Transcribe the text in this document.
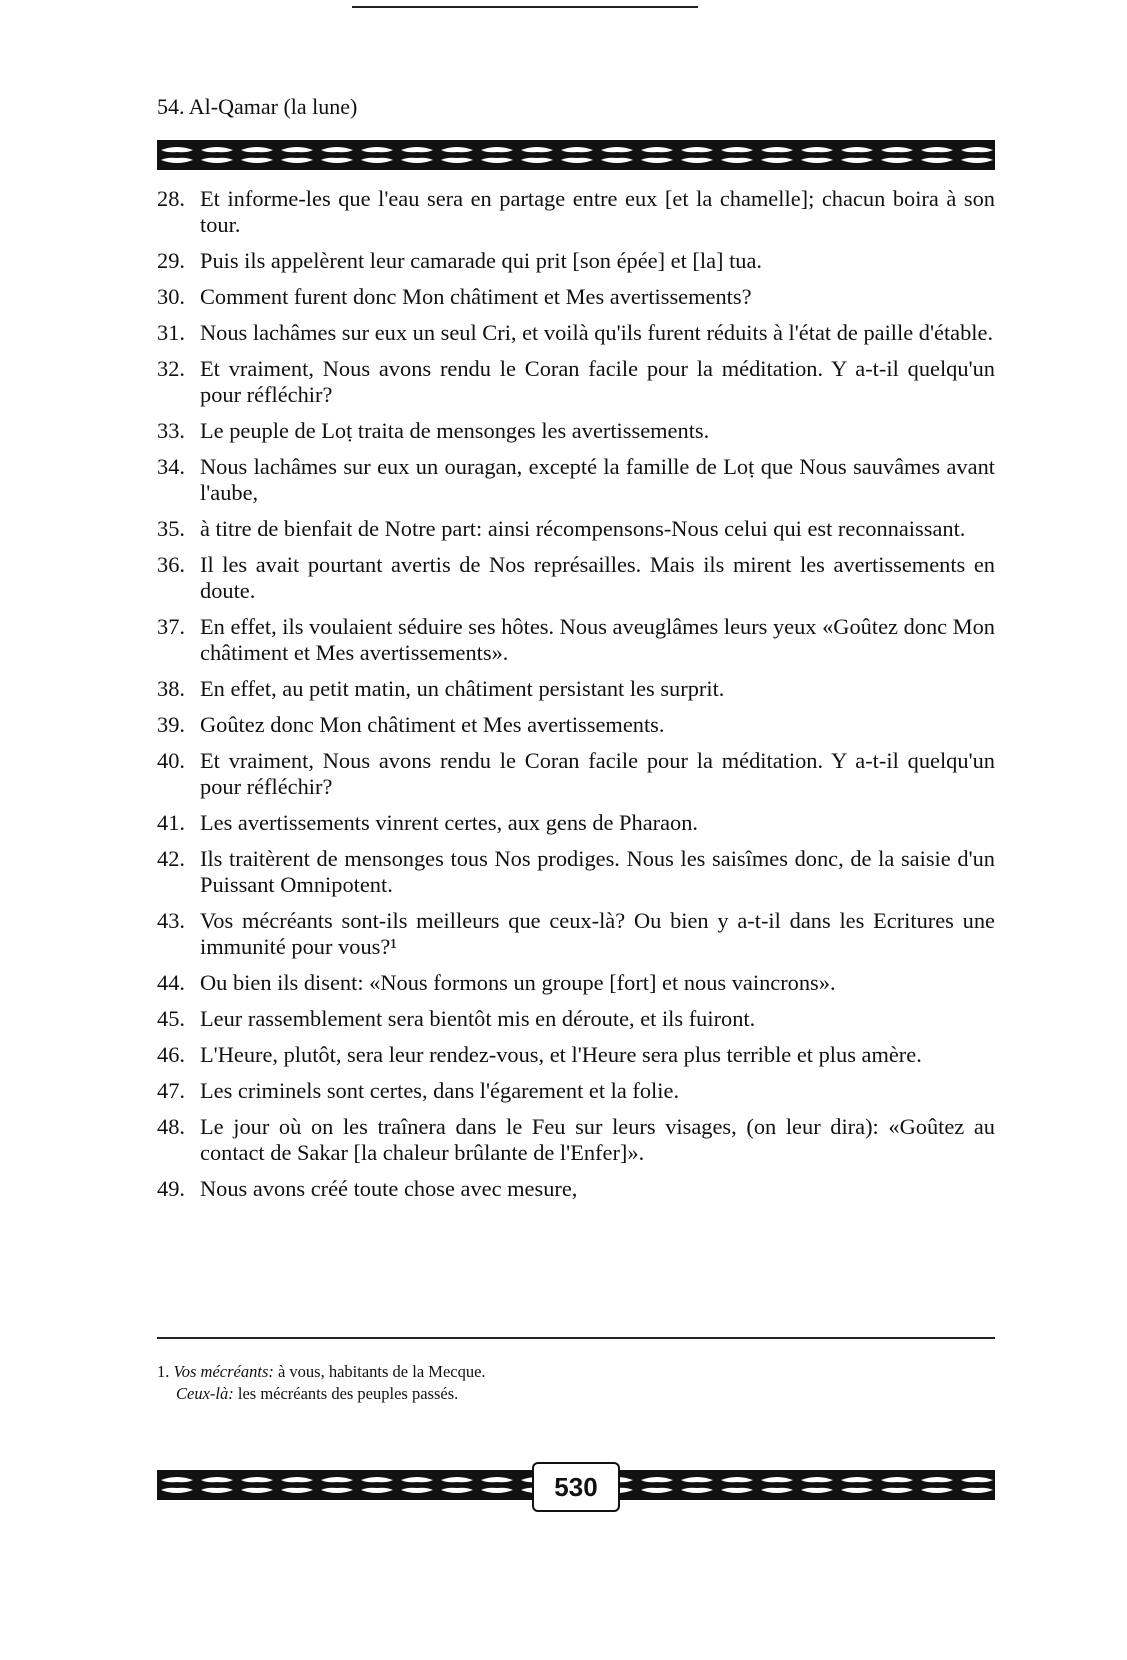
54. Al-Qamar (la lune)
28. Et informe-les que l'eau sera en partage entre eux [et la chamelle]; chacun boira à son tour.
29. Puis ils appelèrent leur camarade qui prit [son épée] et [la] tua.
30. Comment furent donc Mon châtiment et Mes avertissements?
31. Nous lachâmes sur eux un seul Cri, et voilà qu'ils furent réduits à l'état de paille d'étable.
32. Et vraiment, Nous avons rendu le Coran facile pour la méditation. Y a-t-il quelqu'un pour réfléchir?
33. Le peuple de Loṭ traita de mensonges les avertissements.
34. Nous lachâmes sur eux un ouragan, excepté la famille de Loṭ que Nous sauvâmes avant l'aube,
35. à titre de bienfait de Notre part: ainsi récompensons-Nous celui qui est reconnaissant.
36. Il les avait pourtant avertis de Nos représailles. Mais ils mirent les avertissements en doute.
37. En effet, ils voulaient séduire ses hôtes. Nous aveuglâmes leurs yeux «Goûtez donc Mon châtiment et Mes avertissements».
38. En effet, au petit matin, un châtiment persistant les surprit.
39. Goûtez donc Mon châtiment et Mes avertissements.
40. Et vraiment, Nous avons rendu le Coran facile pour la méditation. Y a-t-il quelqu'un pour réfléchir?
41. Les avertissements vinrent certes, aux gens de Pharaon.
42. Ils traitèrent de mensonges tous Nos prodiges. Nous les saisîmes donc, de la saisie d'un Puissant Omnipotent.
43. Vos mécréants sont-ils meilleurs que ceux-là? Ou bien y a-t-il dans les Ecritures une immunité pour vous?¹
44. Ou bien ils disent: «Nous formons un groupe [fort] et nous vaincrons».
45. Leur rassemblement sera bientôt mis en déroute, et ils fuiront.
46. L'Heure, plutôt, sera leur rendez-vous, et l'Heure sera plus terrible et plus amère.
47. Les criminels sont certes, dans l'égarement et la folie.
48. Le jour où on les traînera dans le Feu sur leurs visages, (on leur dira): «Goûtez au contact de Sakar [la chaleur brûlante de l'Enfer]».
49. Nous avons créé toute chose avec mesure,
1. Vos mécréants: à vous, habitants de la Mecque.
Ceux-là: les mécréants des peuples passés.
530
